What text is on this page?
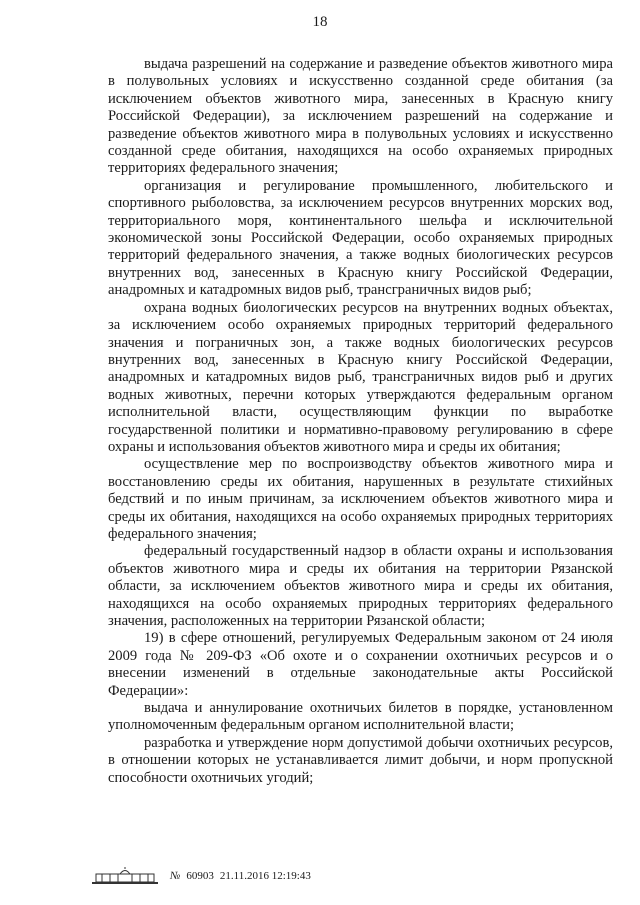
18

выдача разрешений на содержание и разведение объектов животного мира в полувольных условиях и искусственно созданной среде обитания (за исключением объектов животного мира, занесенных в Красную книгу Российской Федерации), за исключением разрешений на содержание и разведение объектов животного мира в полувольных условиях и искусственно созданной среде обитания, находящихся на особо охраняемых природных территориях федерального значения;

организация и регулирование промышленного, любительского и спортивного рыболовства, за исключением ресурсов внутренних морских вод, территориального моря, континентального шельфа и исключительной экономической зоны Российской Федерации, особо охраняемых природных территорий федерального значения, а также водных биологических ресурсов внутренних вод, занесенных в Красную книгу Российской Федерации, анадромных и катадромных видов рыб, трансграничных видов рыб;

охрана водных биологических ресурсов на внутренних водных объектах, за исключением особо охраняемых природных территорий федерального значения и пограничных зон, а также водных биологических ресурсов внутренних вод, занесенных в Красную книгу Российской Федерации, анадромных и катадромных видов рыб, трансграничных видов рыб и других водных животных, перечни которых утверждаются федеральным органом исполнительной власти, осуществляющим функции по выработке государственной политики и нормативно-правовому регулированию в сфере охраны и использования объектов животного мира и среды их обитания;

осуществление мер по воспроизводству объектов животного мира и восстановлению среды их обитания, нарушенных в результате стихийных бедствий и по иным причинам, за исключением объектов животного мира и среды их обитания, находящихся на особо охраняемых природных территориях федерального значения;

федеральный государственный надзор в области охраны и использования объектов животного мира и среды их обитания на территории Рязанской области, за исключением объектов животного мира и среды их обитания, находящихся на особо охраняемых природных территориях федерального значения, расположенных на территории Рязанской области;

19) в сфере отношений, регулируемых Федеральным законом от 24 июля 2009 года № 209-ФЗ «Об охоте и о сохранении охотничьих ресурсов и о внесении изменений в отдельные законодательные акты Российской Федерации»:

выдача и аннулирование охотничьих билетов в порядке, установленном уполномоченным федеральным органом исполнительной власти;

разработка и утверждение норм допустимой добычи охотничьих ресурсов, в отношении которых не устанавливается лимит добычи, и норм пропускной способности охотничьих угодий;

№ 60903 21.11.2016 12:19:43
